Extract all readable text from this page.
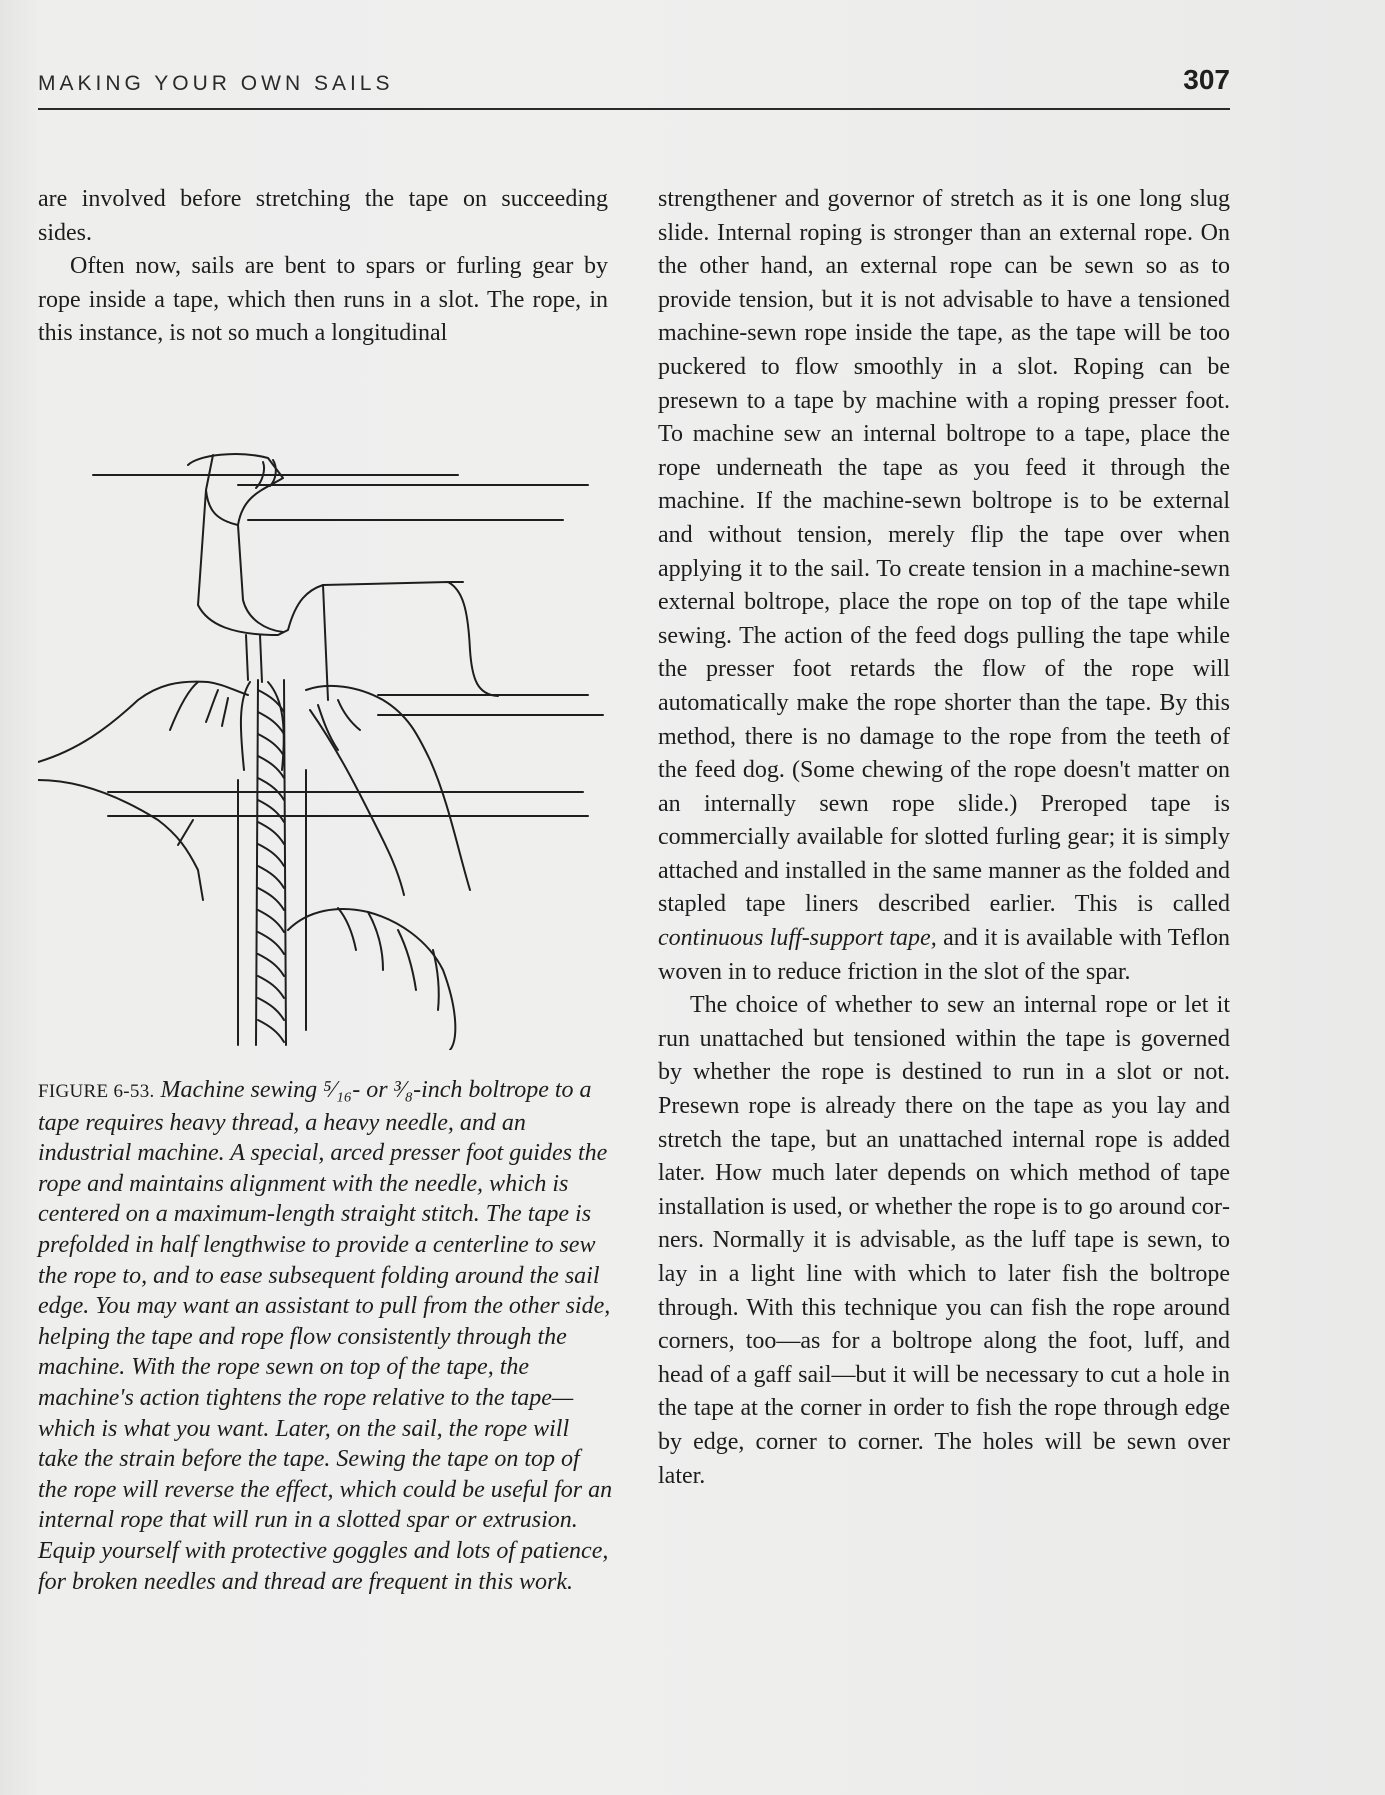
MAKING YOUR OWN SAILS	307

are involved before stretching the tape on succeeding sides.

Often now, sails are bent to spars or furling gear by rope inside a tape, which then runs in a slot. The rope, in this instance, is not so much a longitudinal

FIGURE 6-53. Machine sewing ⁵⁄₁₆- or ³⁄₈-inch boltrope to a tape requires heavy thread, a heavy needle, and an industrial machine. A special, arced presser foot guides the rope and maintains alignment with the needle, which is centered on a maximum-length straight stitch. The tape is prefolded in half lengthwise to provide a centerline to sew the rope to, and to ease subsequent folding around the sail edge. You may want an assistant to pull from the other side, helping the tape and rope flow consistently through the machine. With the rope sewn on top of the tape, the machine's action tightens the rope relative to the tape—which is what you want. Later, on the sail, the rope will take the strain before the tape. Sewing the tape on top of the rope will reverse the effect, which could be useful for an internal rope that will run in a slotted spar or extrusion. Equip yourself with protective goggles and lots of patience, for broken needles and thread are frequent in this work.

strengthener and governor of stretch as it is one long slug slide. Internal roping is stronger than an external rope. On the other hand, an external rope can be sewn so as to provide tension, but it is not advisable to have a tensioned machine-sewn rope inside the tape, as the tape will be too puckered to flow smoothly in a slot. Roping can be presewn to a tape by machine with a roping presser foot. To machine sew an internal boltrope to a tape, place the rope underneath the tape as you feed it through the machine. If the machine-sewn boltrope is to be external and without tension, merely flip the tape over when applying it to the sail. To create tension in a machine-sewn external boltrope, place the rope on top of the tape while sewing. The action of the feed dogs pulling the tape while the presser foot retards the flow of the rope will automatically make the rope shorter than the tape. By this method, there is no damage to the rope from the teeth of the feed dog. (Some chewing of the rope doesn't matter on an internally sewn rope slide.) Preroped tape is commercially available for slotted furling gear; it is simply attached and installed in the same manner as the folded and stapled tape liners described earlier. This is called continuous luff-support tape, and it is available with Teflon woven in to reduce friction in the slot of the spar.

The choice of whether to sew an internal rope or let it run unattached but tensioned within the tape is governed by whether the rope is destined to run in a slot or not. Presewn rope is already there on the tape as you lay and stretch the tape, but an unattached internal rope is added later. How much later depends on which method of tape installation is used, or whether the rope is to go around corners. Normally it is advisable, as the luff tape is sewn, to lay in a light line with which to later fish the boltrope through. With this technique you can fish the rope around corners, too—as for a boltrope along the foot, luff, and head of a gaff sail—but it will be necessary to cut a hole in the tape at the corner in order to fish the rope through edge by edge, corner to corner. The holes will be sewn over later.
